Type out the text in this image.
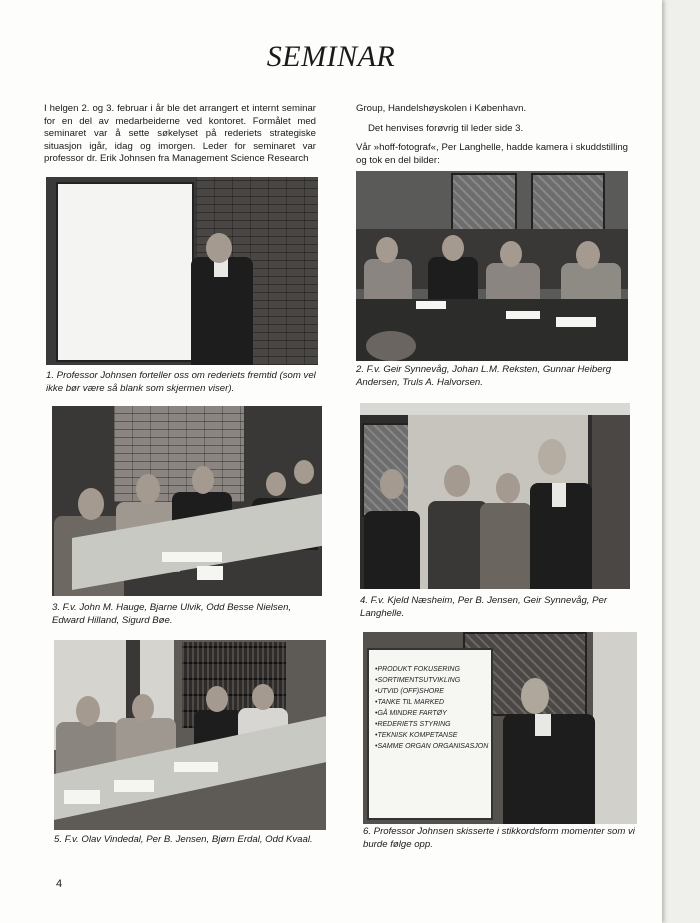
SEMINAR

I helgen 2. og 3. februar i år ble det arrangert et internt seminar for en del av medarbeiderne ved kontoret. Formålet med seminaret var å sette søkelyset på rederiets strategiske situasjon igår, idag og imorgen. Leder for seminaret var professor dr. Erik Johnsen fra Management Science Research

Group, Handelshøyskolen i København.

Det henvises forøvrig til leder side 3.

Vår »hoff-fotograf«, Per Langhelle, hadde kamera i skuddstilling og tok en del bilder:

1. Professor Johnsen forteller oss om rederiets fremtid (som vel ikke bør være så blank som skjermen viser).
2. F.v. Geir Synnevåg, Johan L.M. Reksten, Gunnar Heiberg Andersen, Truls A. Halvorsen.
3. F.v. John M. Hauge, Bjarne Ulvik, Odd Besse Nielsen, Edward Hilland, Sigurd Bøe.
4. F.v. Kjeld Næsheim, Per B. Jensen, Geir Synnevåg, Per Langhelle.
5. F.v. Olav Vindedal, Per B. Jensen, Bjørn Erdal, Odd Kvaal.
•PRODUKT FOKUSERING
•SORTIMENTSUTVIKLING
•UTVID (OFF)SHORE
•TANKE TIL MARKED
•GÅ MINDRE FARTØY
•REDERIETS STYRING
•TEKNISK KOMPETANSE
•SAMME ORGAN ORGANISASJON
6. Professor Johnsen skisserte i stikkordsform momenter som vi burde følge opp.
4
